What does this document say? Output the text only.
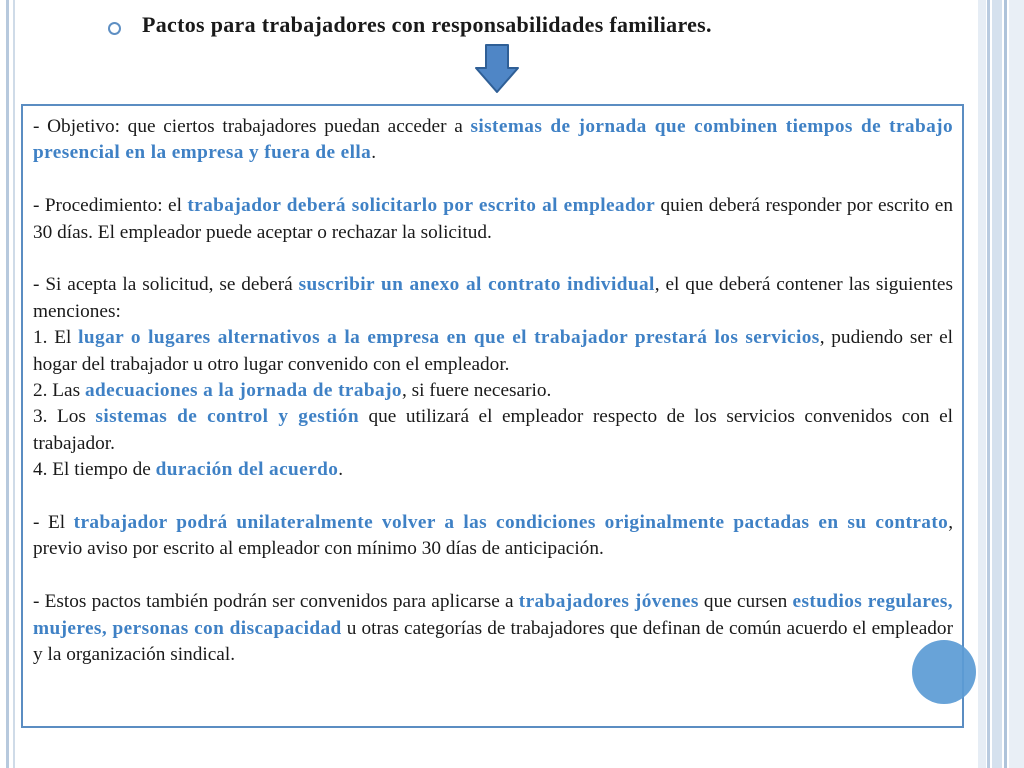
Pactos para trabajadores con responsabilidades familiares.

- Objetivo: que ciertos trabajadores puedan acceder a sistemas de jornada que combinen tiempos de trabajo presencial en la empresa y fuera de ella.

- Procedimiento: el trabajador deberá solicitarlo por escrito al empleador quien deberá responder por escrito en 30 días. El empleador puede aceptar o rechazar la solicitud.

- Si acepta la solicitud, se deberá suscribir un anexo al contrato individual, el que deberá contener las siguientes menciones:

1. El lugar o lugares alternativos a la empresa en que el trabajador prestará los servicios, pudiendo ser el hogar del trabajador u otro lugar convenido con el empleador.

2. Las adecuaciones a la jornada de trabajo, si fuere necesario.

3. Los sistemas de control y gestión que utilizará el empleador respecto de los servicios convenidos con el trabajador.

4. El tiempo de duración del acuerdo.

- El trabajador podrá unilateralmente volver a las condiciones originalmente pactadas en su contrato, previo aviso por escrito al empleador con mínimo 30 días de anticipación.

- Estos pactos también podrán ser convenidos para aplicarse a trabajadores jóvenes que cursen estudios regulares, mujeres, personas con discapacidad u otras categorías de trabajadores que definan de común acuerdo el empleador y la organización sindical.
